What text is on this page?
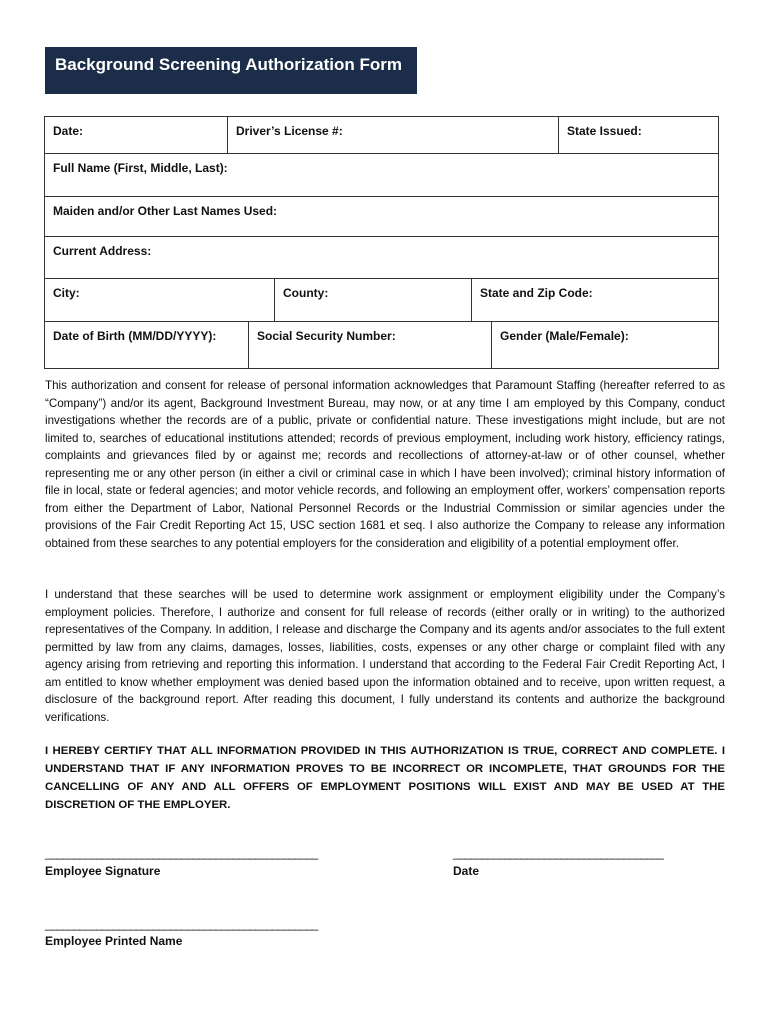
Background Screening Authorization Form
Date:	Driver’s License #:	State Issued:
Full Name (First, Middle, Last):
Maiden and/or Other Last Names Used:
Current Address:
City:	County:	State and Zip Code:
Date of Birth (MM/DD/YYYY):	Social Security Number:	Gender (Male/Female):

This authorization and consent for release of personal information acknowledges that Paramount Staffing (hereafter referred to as “Company”) and/or its agent, Background Investment Bureau, may now, or at any time I am employed by this Company, conduct investigations whether the records are of a public, private or confidential nature. These investigations might include, but are not limited to, searches of educational institutions attended; records of previous employment, including work history, efficiency ratings, complaints and grievances filed by or against me; records and recollections of attorney-at-law or of other counsel, whether representing me or any other person (in either a civil or criminal case in which I have been involved); criminal history information of file in local, state or federal agencies; and motor vehicle records, and following an employment offer, workers’ compensation reports from either the Department of Labor, National Personnel Records or the Industrial Commission or similar agencies under the provisions of the Fair Credit Reporting Act 15, USC section 1681 et seq. I also authorize the Company to release any information obtained from these searches to any potential employers for the consideration and eligibility of a potential employment offer.

I understand that these searches will be used to determine work assignment or employment eligibility under the Company’s employment policies. Therefore, I authorize and consent for full release of records (either orally or in writing) to the authorized representatives of the Company. In addition, I release and discharge the Company and its agents and/or associates to the full extent permitted by law from any claims, damages, losses, liabilities, costs, expenses or any other charge or complaint filed with any agency arising from retrieving and reporting this information. I understand that according to the Federal Fair Credit Reporting Act, I am entitled to know whether employment was denied based upon the information obtained and to receive, upon written request, a disclosure of the background report. After reading this document, I fully understand its contents and authorize the background verifications.

I HEREBY CERTIFY THAT ALL INFORMATION PROVIDED IN THIS AUTHORIZATION IS TRUE, CORRECT AND COMPLETE. I UNDERSTAND THAT IF ANY INFORMATION PROVES TO BE INCORRECT OR INCOMPLETE, THAT GROUNDS FOR THE CANCELLING OF ANY AND ALL OFFERS OF EMPLOYMENT POSITIONS WILL EXIST AND MAY BE USED AT THE DISCRETION OF THE EMPLOYER.

________________________________________________
Employee Signature
_____________________________________
Date
________________________________________________
Employee Printed Name
